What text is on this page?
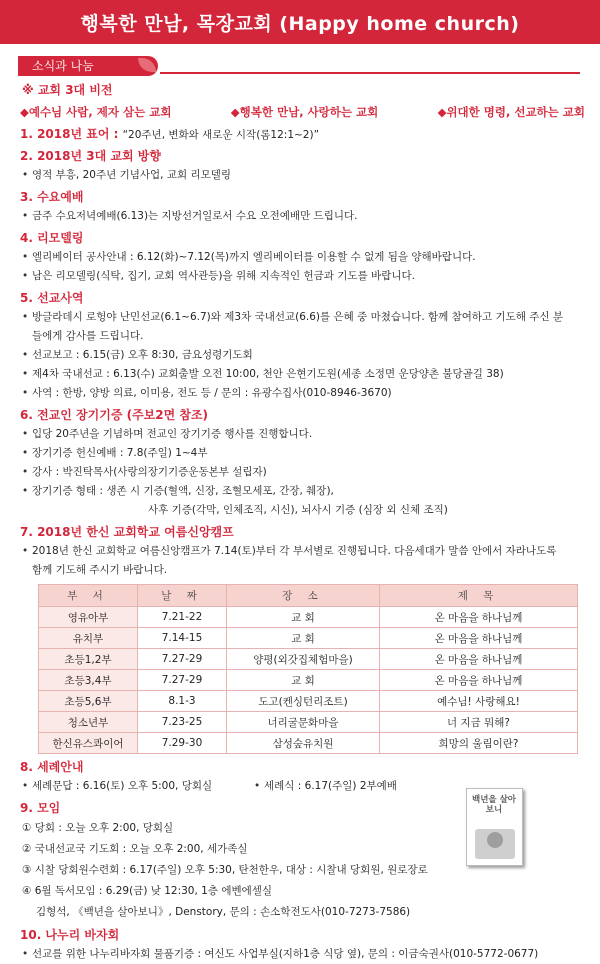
행복한 만남, 목장교회 (Happy home church)
소식과 나눔
※ 교회 3대 비전
◆예수님 사람, 제자 삼는 교회	◆행복한 만남, 사랑하는 교회	◆위대한 명령, 선교하는 교회
1. 2018년 표어 : “20주년, 변화와 새로운 시작(롬12:1~2)”
2. 2018년 3대 교회 방향
• 영적 부흥, 20주년 기념사업, 교회 리모델링
3. 수요예배
• 금주 수요저녁예배(6.13)는 지방선거일로서 수요 오전예배만 드립니다.
4. 리모델링
• 엘리베이터 공사안내 : 6.12(화)~7.12(목)까지 엘리베이터를 이용할 수 없게 됨을 양해바랍니다.
• 남은 리모델링(식탁, 집기, 교회 역사관등)을 위해 지속적인 헌금과 기도를 바랍니다.
5. 선교사역
• 방글라데시 로헝야 난민선교(6.1~6.7)와 제3차 국내선교(6.6)를 은혜 중 마쳤습니다. 함께 참여하고 기도해 주신 분
들에게 감사를 드립니다.
• 선교보고 : 6.15(금) 오후 8:30, 금요성령기도회
• 제4차 국내선교 : 6.13(수) 교회출발 오전 10:00, 천안 은현기도원(세종 소정면 운당양촌 불당골길 38)
• 사역 : 한방, 양방 의료, 이미용, 전도 등 / 문의 : 유광수집사(010-8946-3670)
6. 전교인 장기기증 (주보2면 참조)
• 입당 20주년을 기념하며 전교인 장기기증 행사를 진행합니다.
• 장기기증 헌신예배 : 7.8(주일) 1~4부
• 강사 : 박진탁목사(사랑의장기기증운동본부 설립자)
• 장기기증 형태 : 생존 시 기증(혈액, 신장, 조혈모세포, 간장, 췌장),
사후 기증(각막, 인체조직, 시신), 뇌사시 기증 (심장 외 신체 조직)
7. 2018년 한신 교회학교 여름신앙캠프
• 2018년 한신 교회학교 여름신앙캠프가 7.14(토)부터 각 부서별로 진행됩니다. 다음세대가 말씀 안에서 자라나도록
함께 기도해 주시기 바랍니다.
부 서	날 짜	장 소	제 목
영유아부	7.21-22	교 회	온 마음을 하나님께
유치부	7.14-15	교 회	온 마음을 하나님께
초등1,2부	7.27-29	양평(외갓집체험마을)	온 마음을 하나님께
초등3,4부	7.27-29	교 회	온 마음을 하나님께
초등5,6부	8.1-3	도고(켄싱턴리조트)	예수님! 사랑해요!
청소년부	7.23-25	너리굴문화마을	너 지금 뭐해?
한신유스콰이어	7.29-30	삼성숲유치원	희망의 울림이란?
8. 세례안내
• 세례문답 : 6.16(토) 오후 5:00, 당회실	• 세례식 : 6.17(주일) 2부예배
9. 모임
① 당회 : 오늘 오후 2:00, 당회실
② 국내선교국 기도회 : 오늘 오후 2:00, 세가족실
③ 시찰 당회원수련회 : 6.17(주일) 오후 5:30, 탄천한우, 대상 : 시찰내 당회원, 원로장로
④ 6월 독서모임 : 6.29(금) 낮 12:30, 1층 에벤에셀실
김형석, 《백년을 살아보니》, Denstory, 문의 : 손소학전도사(010-7273-7586)
10. 나누리 바자회
• 선교를 위한 나누리바자회 물품기증 : 여신도 사업부실(지하1층 식당 옆), 문의 : 이금숙권사(010-5772-0677)
백년을 살아보니
